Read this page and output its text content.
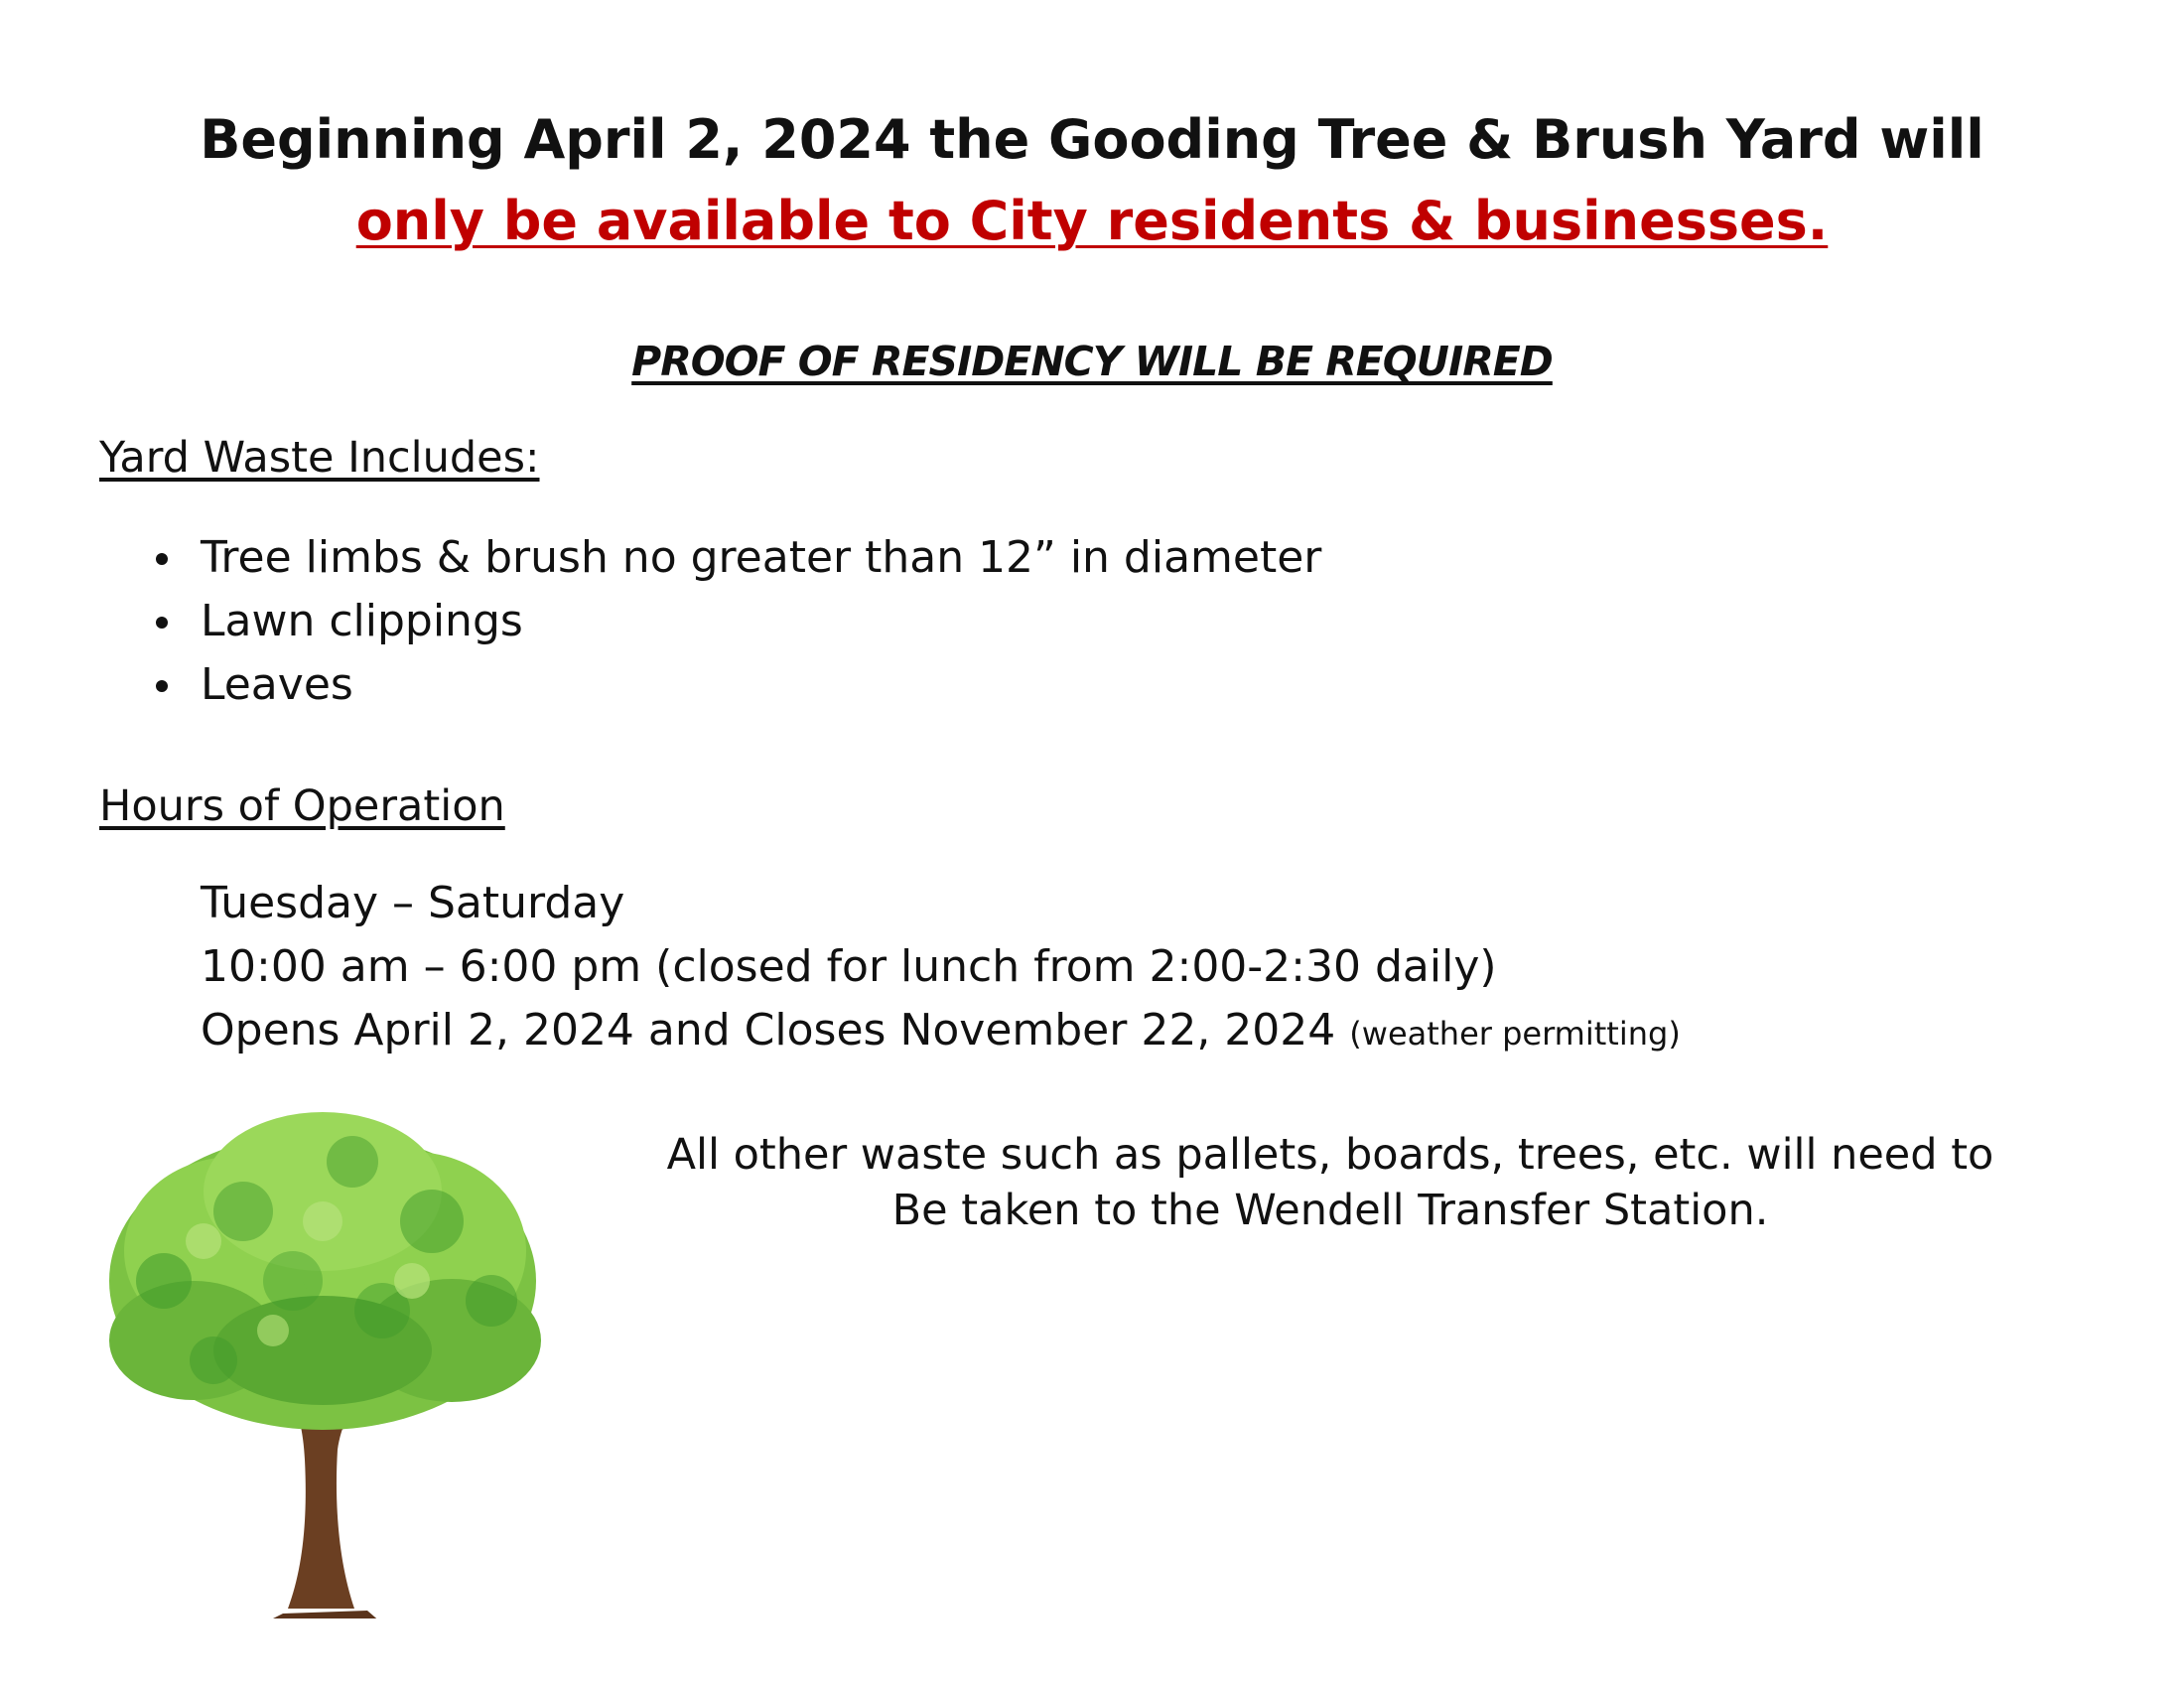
Beginning April 2, 2024 the Gooding Tree & Brush Yard will only be available to City residents & businesses.
PROOF OF RESIDENCY WILL BE REQUIRED
Yard Waste Includes:
Tree limbs & brush no greater than 12” in diameter
Lawn clippings
Leaves
Hours of Operation
Tuesday – Saturday
10:00 am – 6:00 pm (closed for lunch from 2:00-2:30 daily)
Opens April 2, 2024 and Closes November 22, 2024 (weather permitting)
All other waste such as pallets, boards, trees, etc. will need to
Be taken to the Wendell Transfer Station.
